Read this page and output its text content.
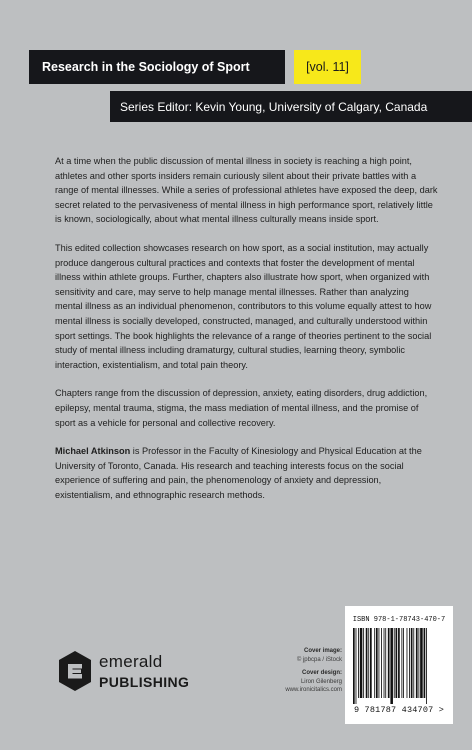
Research in the Sociology of Sport	[vol. 11]
Series Editor: Kevin Young, University of Calgary, Canada

At a time when the public discussion of mental illness in society is reaching a high point, athletes and other sports insiders remain curiously silent about their private battles with a range of mental illnesses. While a series of professional athletes have exposed the deep, dark secret related to the pervasiveness of mental illness in high performance sport, relatively little is known, sociologically, about what mental illness culturally means inside sport.

This edited collection showcases research on how sport, as a social institution, may actually produce dangerous cultural practices and contexts that foster the development of mental illness within athlete groups. Further, chapters also illustrate how sport, when organized with sensitivity and care, may serve to help manage mental illnesses. Rather than analyzing mental illness as an individual phenomenon, contributors to this volume equally attest to how mental illness is socially developed, constructed, managed, and culturally understood within sport settings. The book highlights the relevance of a range of theories pertinent to the social study of mental illness including dramaturgy, cultural studies, learning theory, symbolic interaction, existentialism, and total pain theory.

Chapters range from the discussion of depression, anxiety, eating disorders, drug addiction, epilepsy, mental trauma, stigma, the mass mediation of mental illness, and the promise of sport as a vehicle for personal and collective recovery.

Michael Atkinson is Professor in the Faculty of Kinesiology and Physical Education at the University of Toronto, Canada. His research and teaching interests focus on the social experience of suffering and pain, the phenomenology of anxiety and depression, existentialism, and ethnographic research methods.

emerald
PUBLISHING
Cover image:
© jpbcpa / iStock
Cover design:
Liron Gilenberg
www.ironicitalics.com
ISBN 978-1-78743-470-7
9 781787 434707 >
